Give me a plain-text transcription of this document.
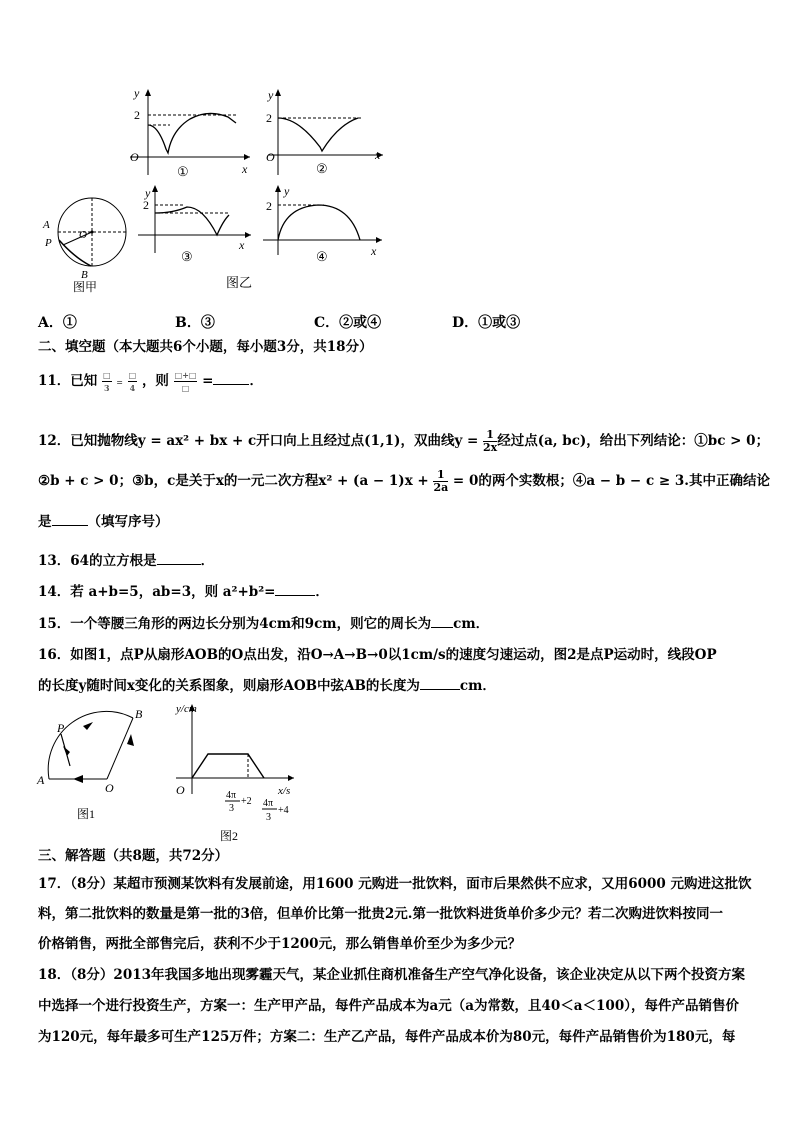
y
2
O
x
①
y
2
O	x
②
A
P
B
O
图甲
y
2
x
③
y
2
x
④
图乙
A．①	B．③	C．②或④	D．①或③
二、填空题（本大题共6个小题，每小题3分，共18分）
11．已知 $\frac{□}{3} = \frac{□}{4}$ ，则 $\frac{□+□}{□}$ =	．
12．已知抛物线y = ax² + bx + c开口向上且经过点(1,1)，双曲线$y = \frac{1}{2x}$ 经过点(a, bc)，给出下列结论：①bc > 0；
②b + c > 0；③b，c是关于x的一元二次方程$x^2 + (a - 1)x + \frac{1}{2a} = 0$的两个实数根；④a − b − c ≥ 3.其中正确结论
是	（填写序号）
13．64的立方根是	．
14．若 a+b=5，ab=3，则 a²+b²=	．
15．一个等腰三角形的两边长分别为4cm和9cm，则它的周长为 cm．
16．如图1，点P从扇形AOB的O点出发，沿O→A→B→0以1cm/s的速度匀速运动，图2是点P运动时，线段OP
的长度y随时间x变化的关系图象，则扇形AOB中弦AB的长度为	cm．
A
B
P
O
图1
y/cm
O	x/s
4π
3
+2 4π
3
+4
图2
三、解答题（共8题，共72分）
17．（8分）某超市预测某饮料有发展前途，用1600 元购进一批饮料，面市后果然供不应求，又用6000 元购进这批饮
料，第二批饮料的数量是第一批的3倍，但单价比第一批贵2元.第一批饮料进货单价多少元？若二次购进饮料按同一
价格销售，两批全部售完后，获利不少于1200元，那么销售单价至少为多少元？
18．（8分）2013年我国多地出现雾霾天气，某企业抓住商机准备生产空气净化设备，该企业决定从以下两个投资方案
中选择一个进行投资生产，方案一：生产甲产品，每件产品成本为a元（a为常数，且40＜a＜100），每件产品销售价
为120元，每年最多可生产125万件；方案二：生产乙产品，每件产品成本价为80元，每件产品销售价为180元，每
